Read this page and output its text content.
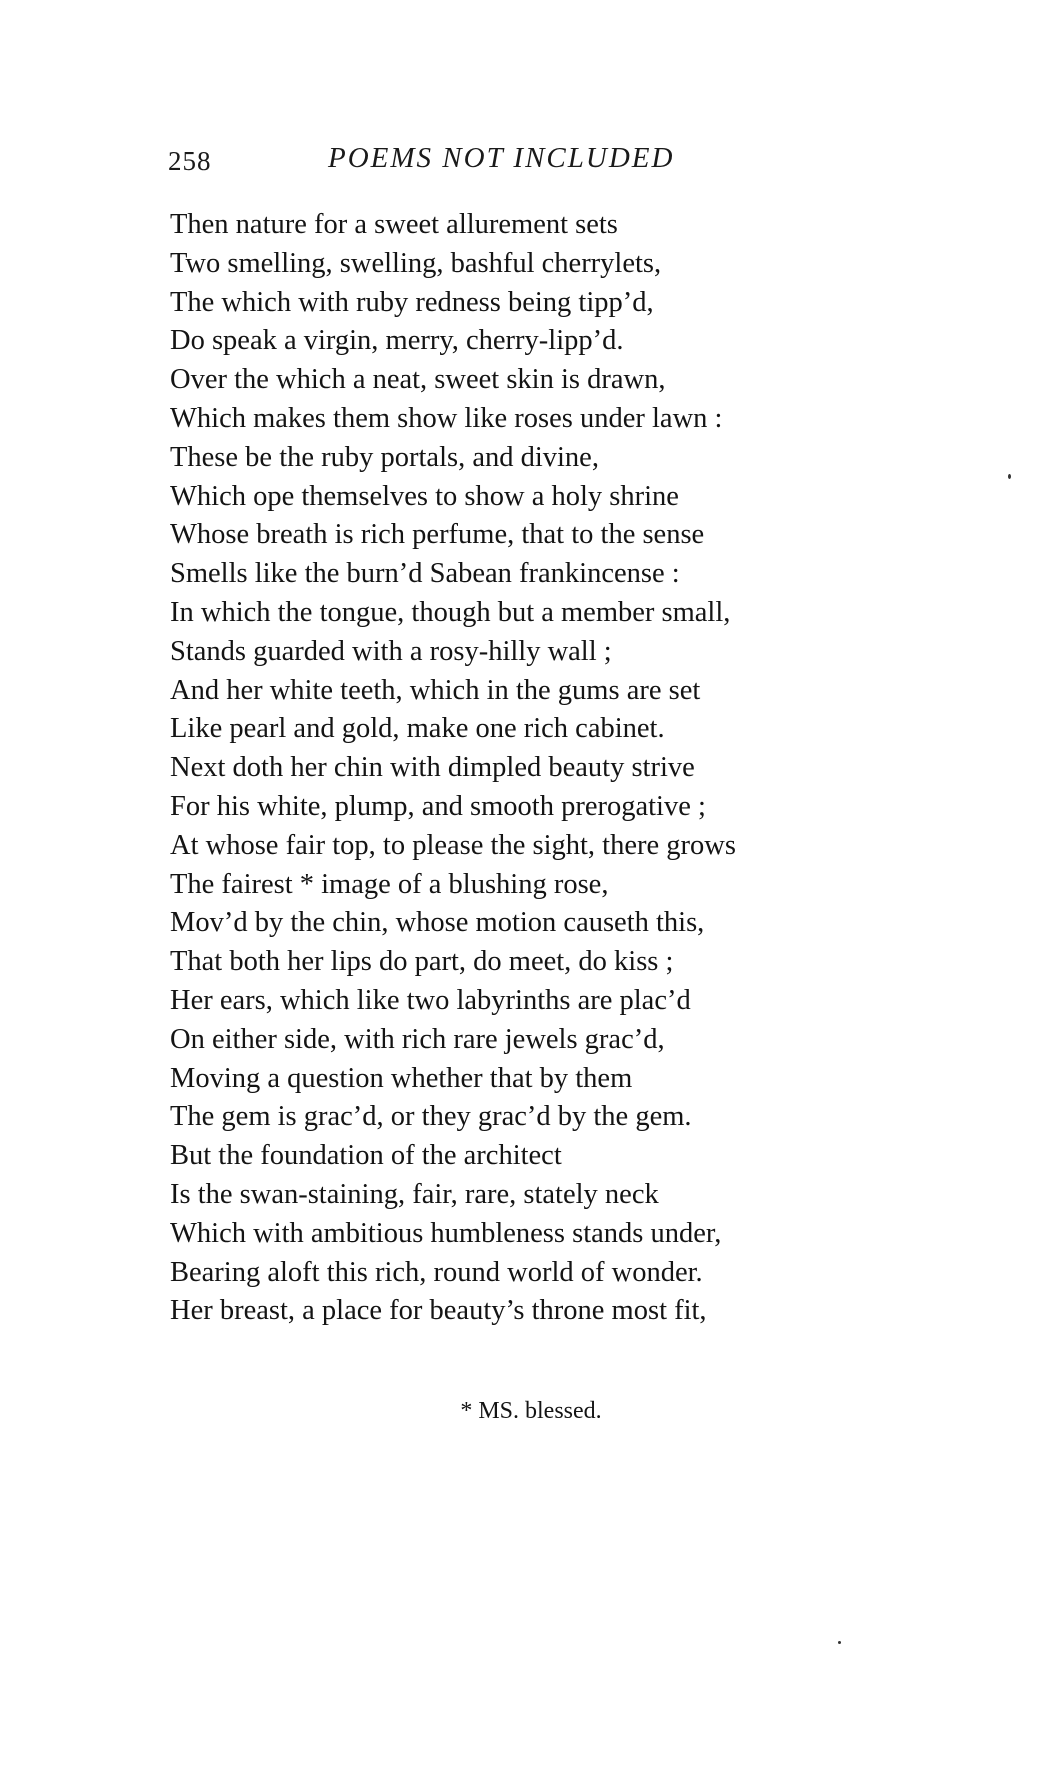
258	POEMS NOT INCLUDED
Then nature for a sweet allurement sets
Two smelling, swelling, bashful cherrylets,
The which with ruby redness being tipp’d,
Do speak a virgin, merry, cherry-lipp’d.
Over the which a neat, sweet skin is drawn,
Which makes them show like roses under lawn :
These be the ruby portals, and divine,
Which ope themselves to show a holy shrine
Whose breath is rich perfume, that to the sense
Smells like the burn’d Sabean frankincense :
In which the tongue, though but a member small,
Stands guarded with a rosy-hilly wall ;
And her white teeth, which in the gums are set
Like pearl and gold, make one rich cabinet.
Next doth her chin with dimpled beauty strive
For his white, plump, and smooth prerogative ;
At whose fair top, to please the sight, there grows
The fairest * image of a blushing rose,
Mov’d by the chin, whose motion causeth this,
That both her lips do part, do meet, do kiss ;
Her ears, which like two labyrinths are plac’d
On either side, with rich rare jewels grac’d,
Moving a question whether that by them
The gem is grac’d, or they grac’d by the gem.
But the foundation of the architect
Is the swan-staining, fair, rare, stately neck
Which with ambitious humbleness stands under,
Bearing aloft this rich, round world of wonder.
Her breast, a place for beauty’s throne most fit,
* MS. blessed.
